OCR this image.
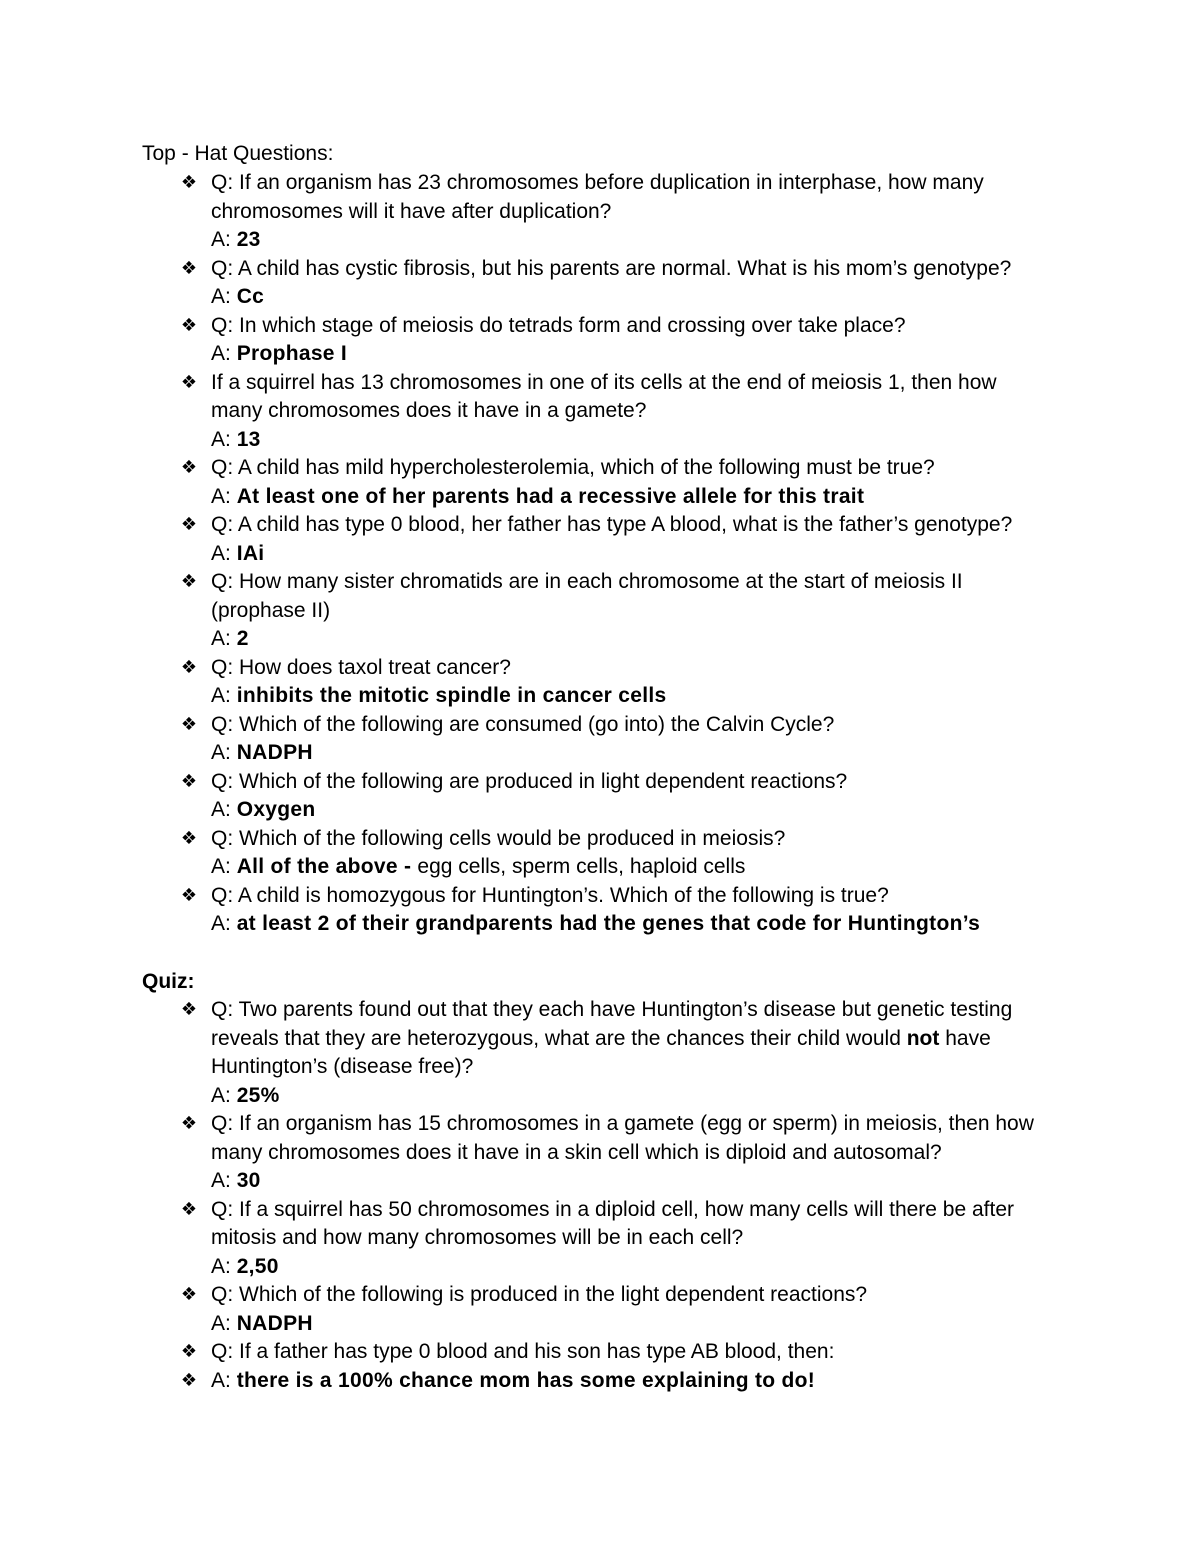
Top - Hat Questions:
❖ Q: If an organism has 23 chromosomes before duplication in interphase, how many
chromosomes will it have after duplication?
A: 23
❖ Q: A child has cystic fibrosis, but his parents are normal. What is his mom’s genotype?
A: Cc
❖ Q: In which stage of meiosis do tetrads form and crossing over take place?
A: Prophase I
❖ If a squirrel has 13 chromosomes in one of its cells at the end of meiosis 1, then how
many chromosomes does it have in a gamete?
A: 13
❖ Q: A child has mild hypercholesterolemia, which of the following must be true?
A: At least one of her parents had a recessive allele for this trait
❖ Q: A child has type 0 blood, her father has type A blood, what is the father’s genotype?
A: IAi
❖ Q: How many sister chromatids are in each chromosome at the start of meiosis II
(prophase II)
A: 2
❖ Q: How does taxol treat cancer?
A: inhibits the mitotic spindle in cancer cells
❖ Q: Which of the following are consumed (go into) the Calvin Cycle?
A: NADPH
❖ Q: Which of the following are produced in light dependent reactions?
A: Oxygen
❖ Q: Which of the following cells would be produced in meiosis?
A: All of the above - egg cells, sperm cells, haploid cells
❖ Q: A child is homozygous for Huntington’s. Which of the following is true?
A: at least 2 of their grandparents had the genes that code for Huntington’s
Quiz:
❖ Q: Two parents found out that they each have Huntington’s disease but genetic testing
reveals that they are heterozygous, what are the chances their child would not have
Huntington’s (disease free)?
A: 25%
❖ Q: If an organism has 15 chromosomes in a gamete (egg or sperm) in meiosis, then how
many chromosomes does it have in a skin cell which is diploid and autosomal?
A: 30
❖ Q: If a squirrel has 50 chromosomes in a diploid cell, how many cells will there be after
mitosis and how many chromosomes will be in each cell?
A: 2,50
❖ Q: Which of the following is produced in the light dependent reactions?
A: NADPH
❖ Q: If a father has type 0 blood and his son has type AB blood, then:
❖ A: there is a 100% chance mom has some explaining to do!
